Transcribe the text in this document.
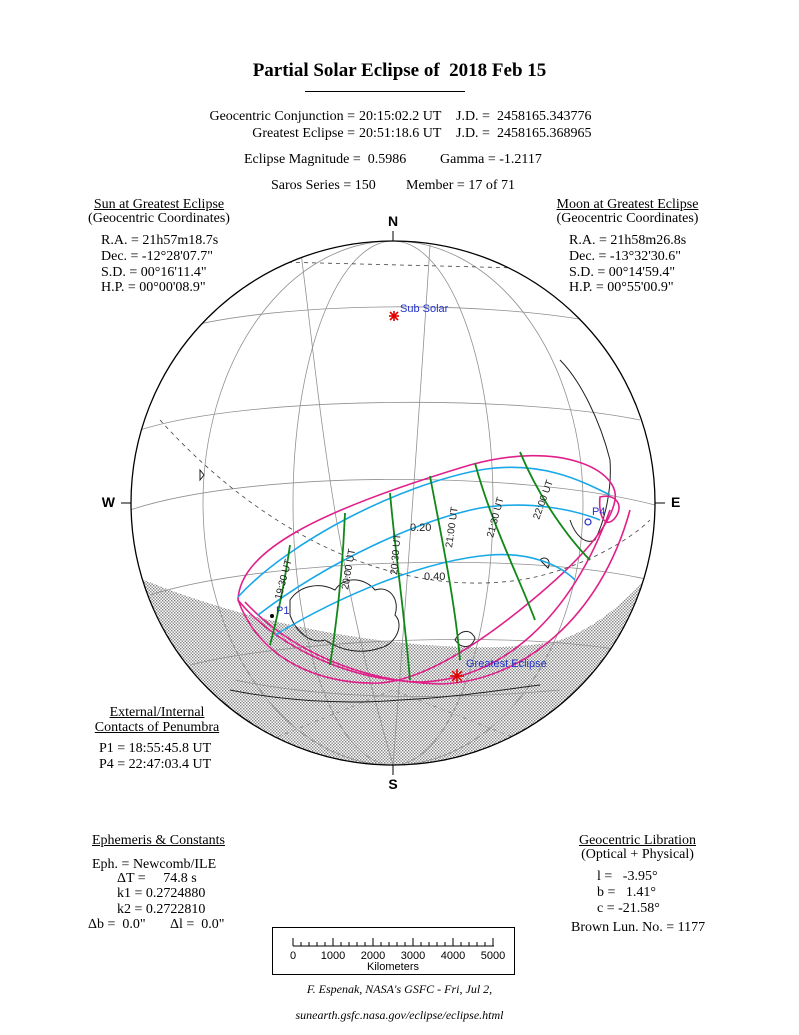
Partial Solar Eclipse of  2018 Feb 15
Geocentric Conjunction = 20:15:02.2 UT J.D. =  2458165.343776
Greatest Eclipse = 20:51:18.6 UT J.D. =  2458165.368965
Eclipse Magnitude =  0.5986 Gamma = -1.2117
Saros Series = 150 Member = 17 of 71
Sun at Greatest Eclipse
(Geocentric Coordinates)
R.A. = 21h57m18.7s
Dec. = -12°28'07.7"
S.D. = 00°16'11.4"
H.P. = 00°00'08.9"
Moon at Greatest Eclipse
(Geocentric Coordinates)
R.A. = 21h58m26.8s
Dec. = -13°32'30.6"
S.D. = 00°14'59.4"
H.P. = 00°55'00.9"
N
S
W	E
Sub Solar
Greatest Eclipse
P1
P4
0.20
0.40
19:30 UT	20:00 UT	20:30 UT
21:00 UT 21:30 UT 22:00 UT
External/Internal
Contacts of Penumbra
P1 = 18:55:45.8 UT
P4 = 22:47:03.4 UT
Ephemeris & Constants
Eph. = Newcomb/ILE
ΔT =     74.8 s
k1 = 0.2724880
k2 = 0.2722810
Δb =  0.0" Δl =  0.0"
Geocentric Libration
(Optical + Physical)
l =   -3.95°
b =   1.41°
c = -21.58°
Brown Lun. No. = 1177

0 1000 2000 3000 4000 5000
Kilometers

F. Espenak, NASA's GSFC - Fri, Jul 2,
sunearth.gsfc.nasa.gov/eclipse/eclipse.html
